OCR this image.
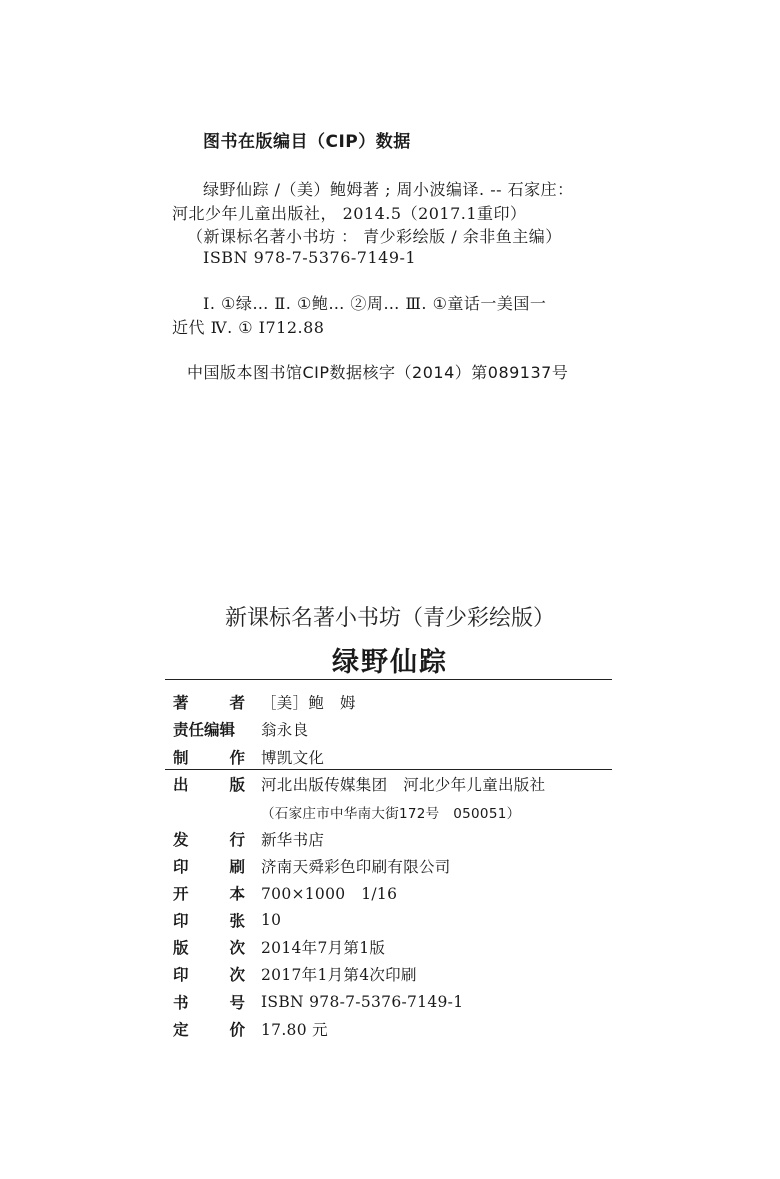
图书在版编目（CIP）数据
绿野仙踪 /（美）鲍姆著 ; 周小波编译. -- 石家庄：
河北少年儿童出版社， 2014.5（2017.1重印）
（新课标名著小书坊 ： 青少彩绘版 / 余非鱼主编）
ISBN 978-7-5376-7149-1
Ⅰ. ①绿… Ⅱ. ①鲍… ②周… Ⅲ. ①童话一美国一
近代 Ⅳ. ① I712.88
中国版本图书馆CIP数据核字（2014）第089137号
新课标名著小书坊（青少彩绘版）
绿野仙踪
著	者 ［美］鲍　姆
责任编辑 翁永良
制	作 博凯文化
出	版 河北出版传媒集团　河北少年儿童出版社
（石家庄市中华南大街172号　050051）
发	行 新华书店
印	刷 济南天舜彩色印刷有限公司
开	本 700×1000　1/16
印	张 10
版	次 2014年7月第1版
印	次 2017年1月第4次印刷
书	号 ISBN 978-7-5376-7149-1
定	价 17.80 元
